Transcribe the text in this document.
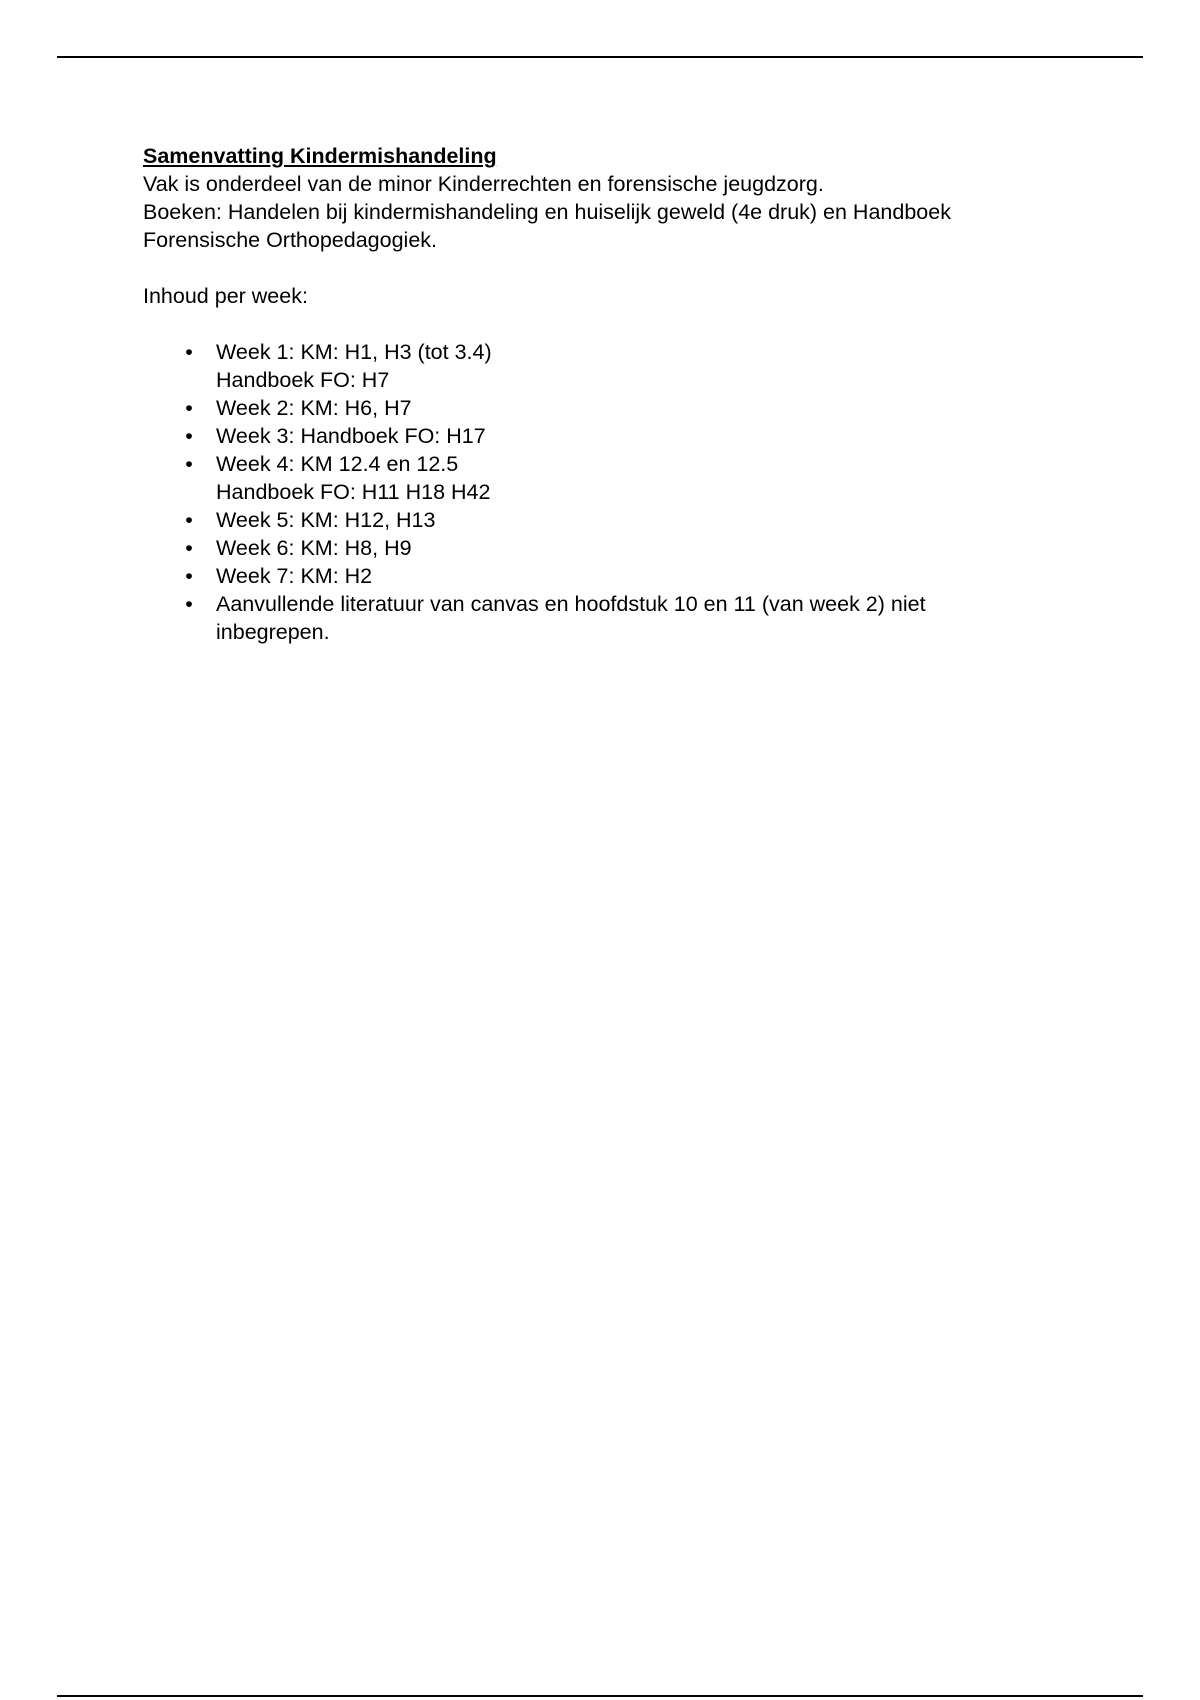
Samenvatting Kindermishandeling

Vak is onderdeel van de minor Kinderrechten en forensische jeugdzorg.

Boeken: Handelen bij kindermishandeling en huiselijk geweld (4e druk) en Handboek

Forensische Orthopedagogiek.

Inhoud per week:

• Week 1: KM: H1, H3 (tot 3.4)
Handboek FO: H7
• Week 2: KM: H6, H7
• Week 3: Handboek FO: H17
• Week 4: KM 12.4 en 12.5
Handboek FO: H11 H18 H42
• Week 5: KM: H12, H13
• Week 6: KM: H8, H9
• Week 7: KM: H2
• Aanvullende literatuur van canvas en hoofdstuk 10 en 11 (van week 2) niet
inbegrepen.
